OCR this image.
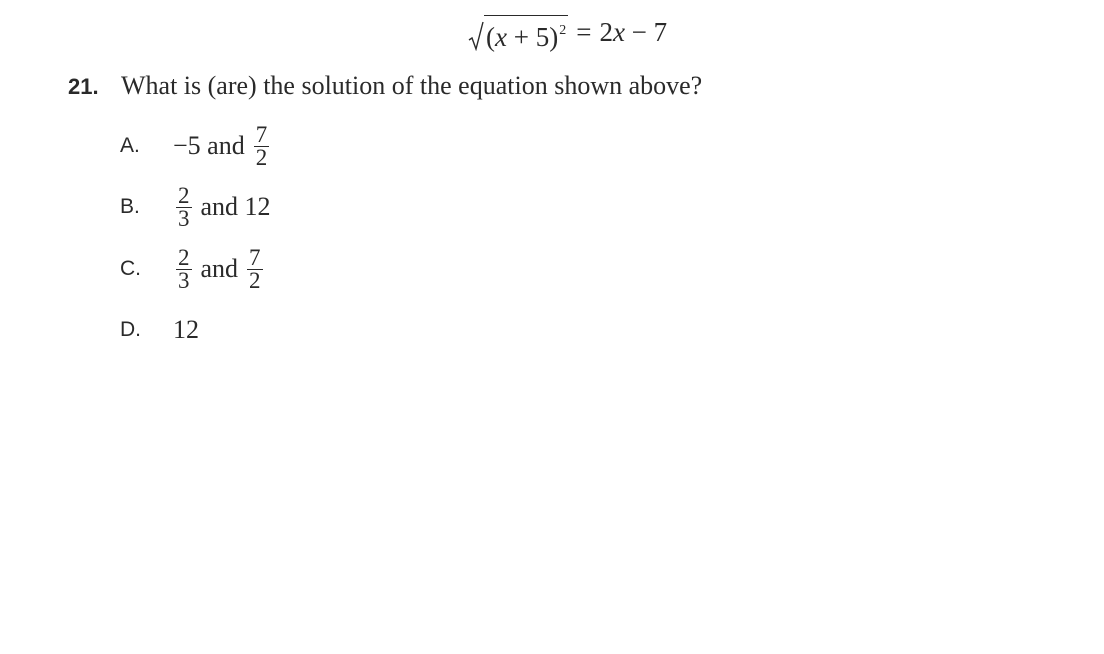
$(x + 5)^2 = 2x - 7$
21. What is (are) the solution of the equation shown above?
A.	−5 and $\frac{7}{2}$
B.	$\frac{2}{3}$ and 12
C.	$\frac{2}{3}$ and $\frac{7}{2}$
D.	12
